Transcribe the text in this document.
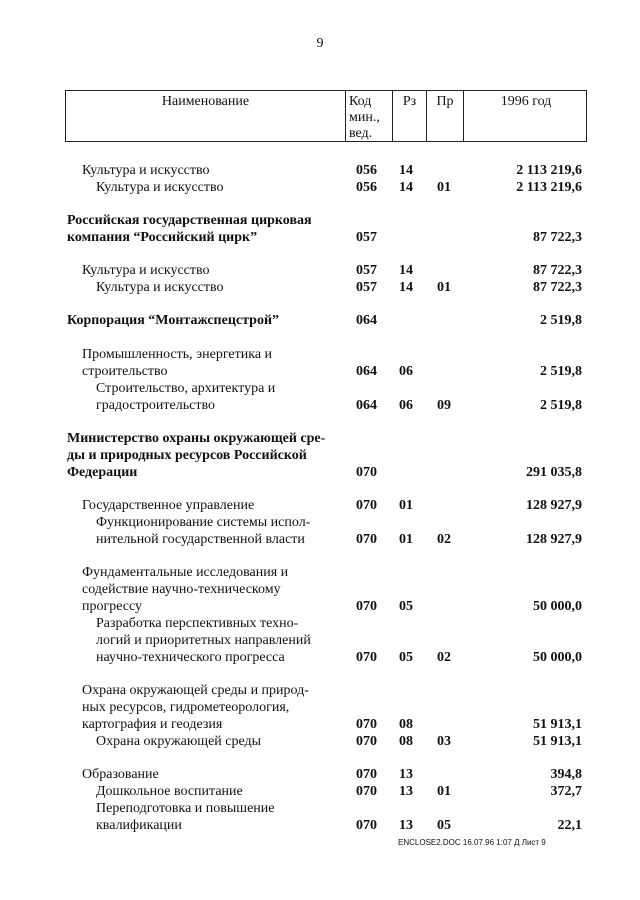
9
Наименование	Код
мин.,
вед.
Рз	Пр	1996 год
Культура и искусство	056 14	2 113 219,6
Культура и искусство	056 14 01	2 113 219,6
Российская государственная цирковая
компания “Российский цирк”	057	87 722,3
Культура и искусство	057 14	87 722,3
Культура и искусство	057 14 01	87 722,3
Корпорация “Монтажспецстрой”	064	2 519,8
Промышленность, энергетика и
строительство	064 06	2 519,8
Строительство, архитектура и
градостроительство	064 06 09	2 519,8
Министерство охраны окружающей сре-
ды и природных ресурсов Российской
Федерации	070	291 035,8
Государственное управление	070 01	128 927,9
Функционирование системы испол-
нительной государственной власти	070 01 02	128 927,9
Фундаментальные исследования и
содействие научно-техническому
прогрессу	070 05	50 000,0
Разработка перспективных техно-
логий и приоритетных направлений
научно-технического прогресса	070 05 02	50 000,0
Охрана окружающей среды и природ-
ных ресурсов, гидрометеорология,
картография и геодезия	070 08	51 913,1
Охрана окружающей среды	070 08 03	51 913,1
Образование	070 13	394,8
Дошкольное воспитание	070 13 01	372,7
Переподготовка и повышение
квалификации	070 13 05	22,1
ENCLOSE2.DOC 16.07.96 1:07 Д Лист 9
